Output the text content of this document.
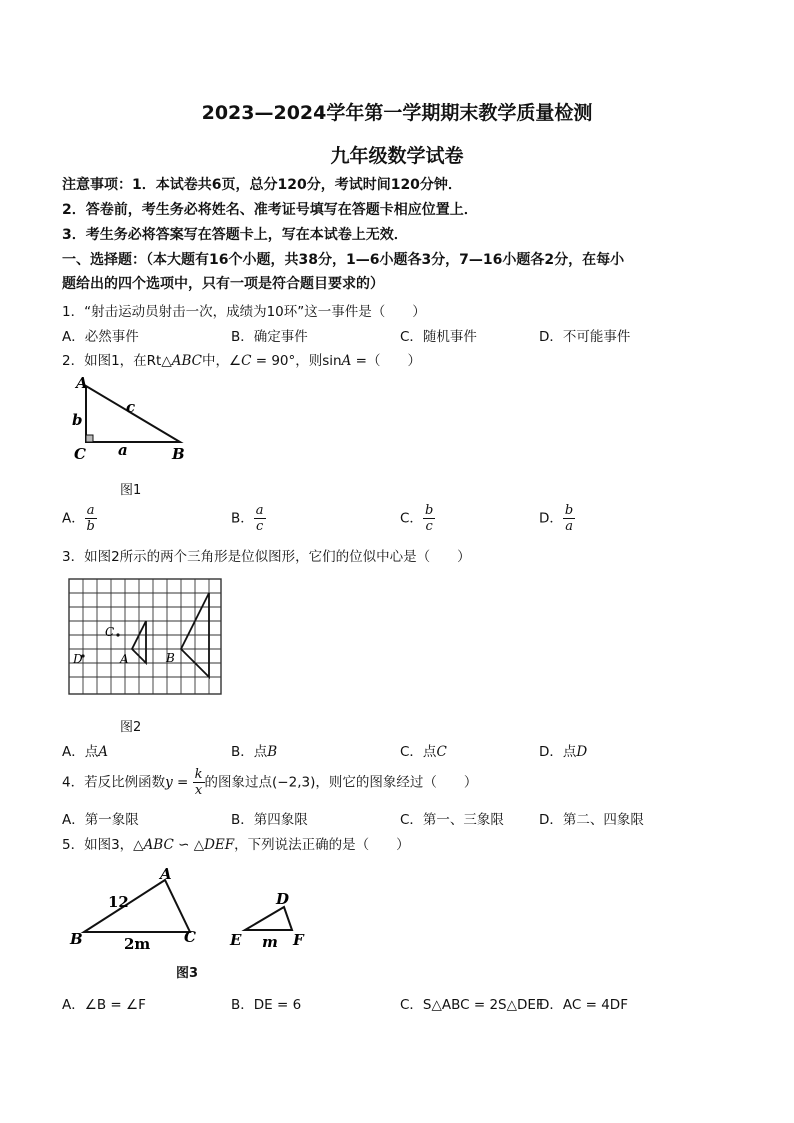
2023—2024学年第一学期期末教学质量检测
九年级数学试卷
注意事项：1．本试卷共6页，总分120分，考试时间120分钟．
2．答卷前，考生务必将姓名、准考证号填写在答题卡相应位置上．
3．考生务必将答案写在答题卡上，写在本试卷上无效．
一、选择题：（本大题有16个小题，共38分，1—6小题各3分，7—16小题各2分，在每小
题给出的四个选项中，只有一项是符合题目要求的）
1．“射击运动员射击一次，成绩为10环”这一事件是（　　）
A．必然事件	B．确定事件	C．随机事件	D．不可能事件
2．如图1，在Rt△ABC中，∠C = 90°，则sinA =（　　）
A
b
c
C a	B
图1
A． $\frac{a}{b}$	B． $\frac{a}{c}$	C． $\frac{b}{c}$	D． $\frac{b}{a}$
3．如图2所示的两个三角形是位似图形，它们的位似中心是（　　）
C
D	A	B
图2
A．点A	B．点B	C．点C	D．点D
4．若反比例函数$y = \frac{k}{x}$ 的图象过点(−2,3)，则它的图象经过（　　）
A．第一象限	B．第四象限	C．第一、三象限	D．第二、四象限
5．如图3，△ABC ∽ △DEF，下列说法正确的是（　　）
A
12
B	2m C
D
E m F
图3
A．∠B = ∠F	B．DE = 6	C．S△ABC = 2S△DEF
D．AC = 4DF
